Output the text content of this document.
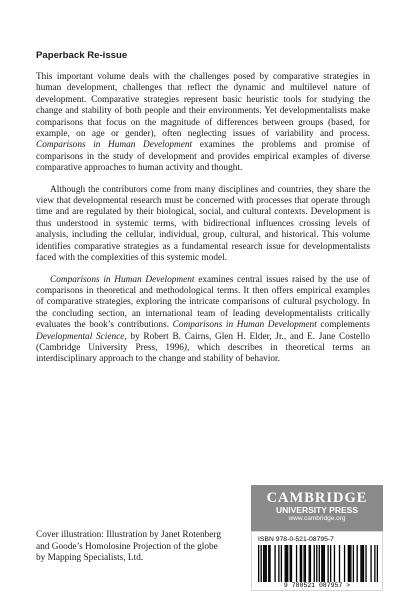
Paperback Re-issue

This important volume deals with the challenges posed by comparative strategies in human development, challenges that reflect the dynamic and multilevel nature of development. Comparative strategies represent basic heuristic tools for studying the change and stability of both people and their environments. Yet developmentalists make comparisons that focus on the magnitude of differences between groups (based, for example, on age or gender), often neglecting issues of variability and process. Comparisons in Human Development examines the problems and promise of comparisons in the study of development and provides empirical examples of diverse comparative approaches to human activity and thought.

Although the contributors come from many disciplines and countries, they share the view that developmental research must be concerned with processes that operate through time and are regulated by their biological, social, and cultural contexts. Development is thus understood in systemic terms, with bidirectional influences crossing levels of analysis, including the cellular, individual, group, cultural, and historical. This volume identifies comparative strategies as a fundamental research issue for developmentalists faced with the complexities of this systemic model.

Comparisons in Human Development examines central issues raised by the use of comparisons in theoretical and methodological terms. It then offers empirical examples of comparative strategies, exploring the intricate comparisons of cultural psychology. In the concluding section, an international team of leading developmentalists critically evaluates the book’s contributions. Comparisons in Human Development complements Developmental Science, by Robert B. Cairns, Glen H. Elder, Jr., and E. Jane Costello (Cambridge University Press, 1996), which describes in theoretical terms an interdisciplinary approach to the change and stability of behavior.

Cover illustration: Illustration by Janet Rotenberg and Goode’s Homolosine Projection of the globe by Mapping Specialists, Ltd.
CAMBRIDGE
UNIVERSITY PRESS
www.cambridge.org
ISBN 978-0-521-08795-7
9 780521 087957 >
